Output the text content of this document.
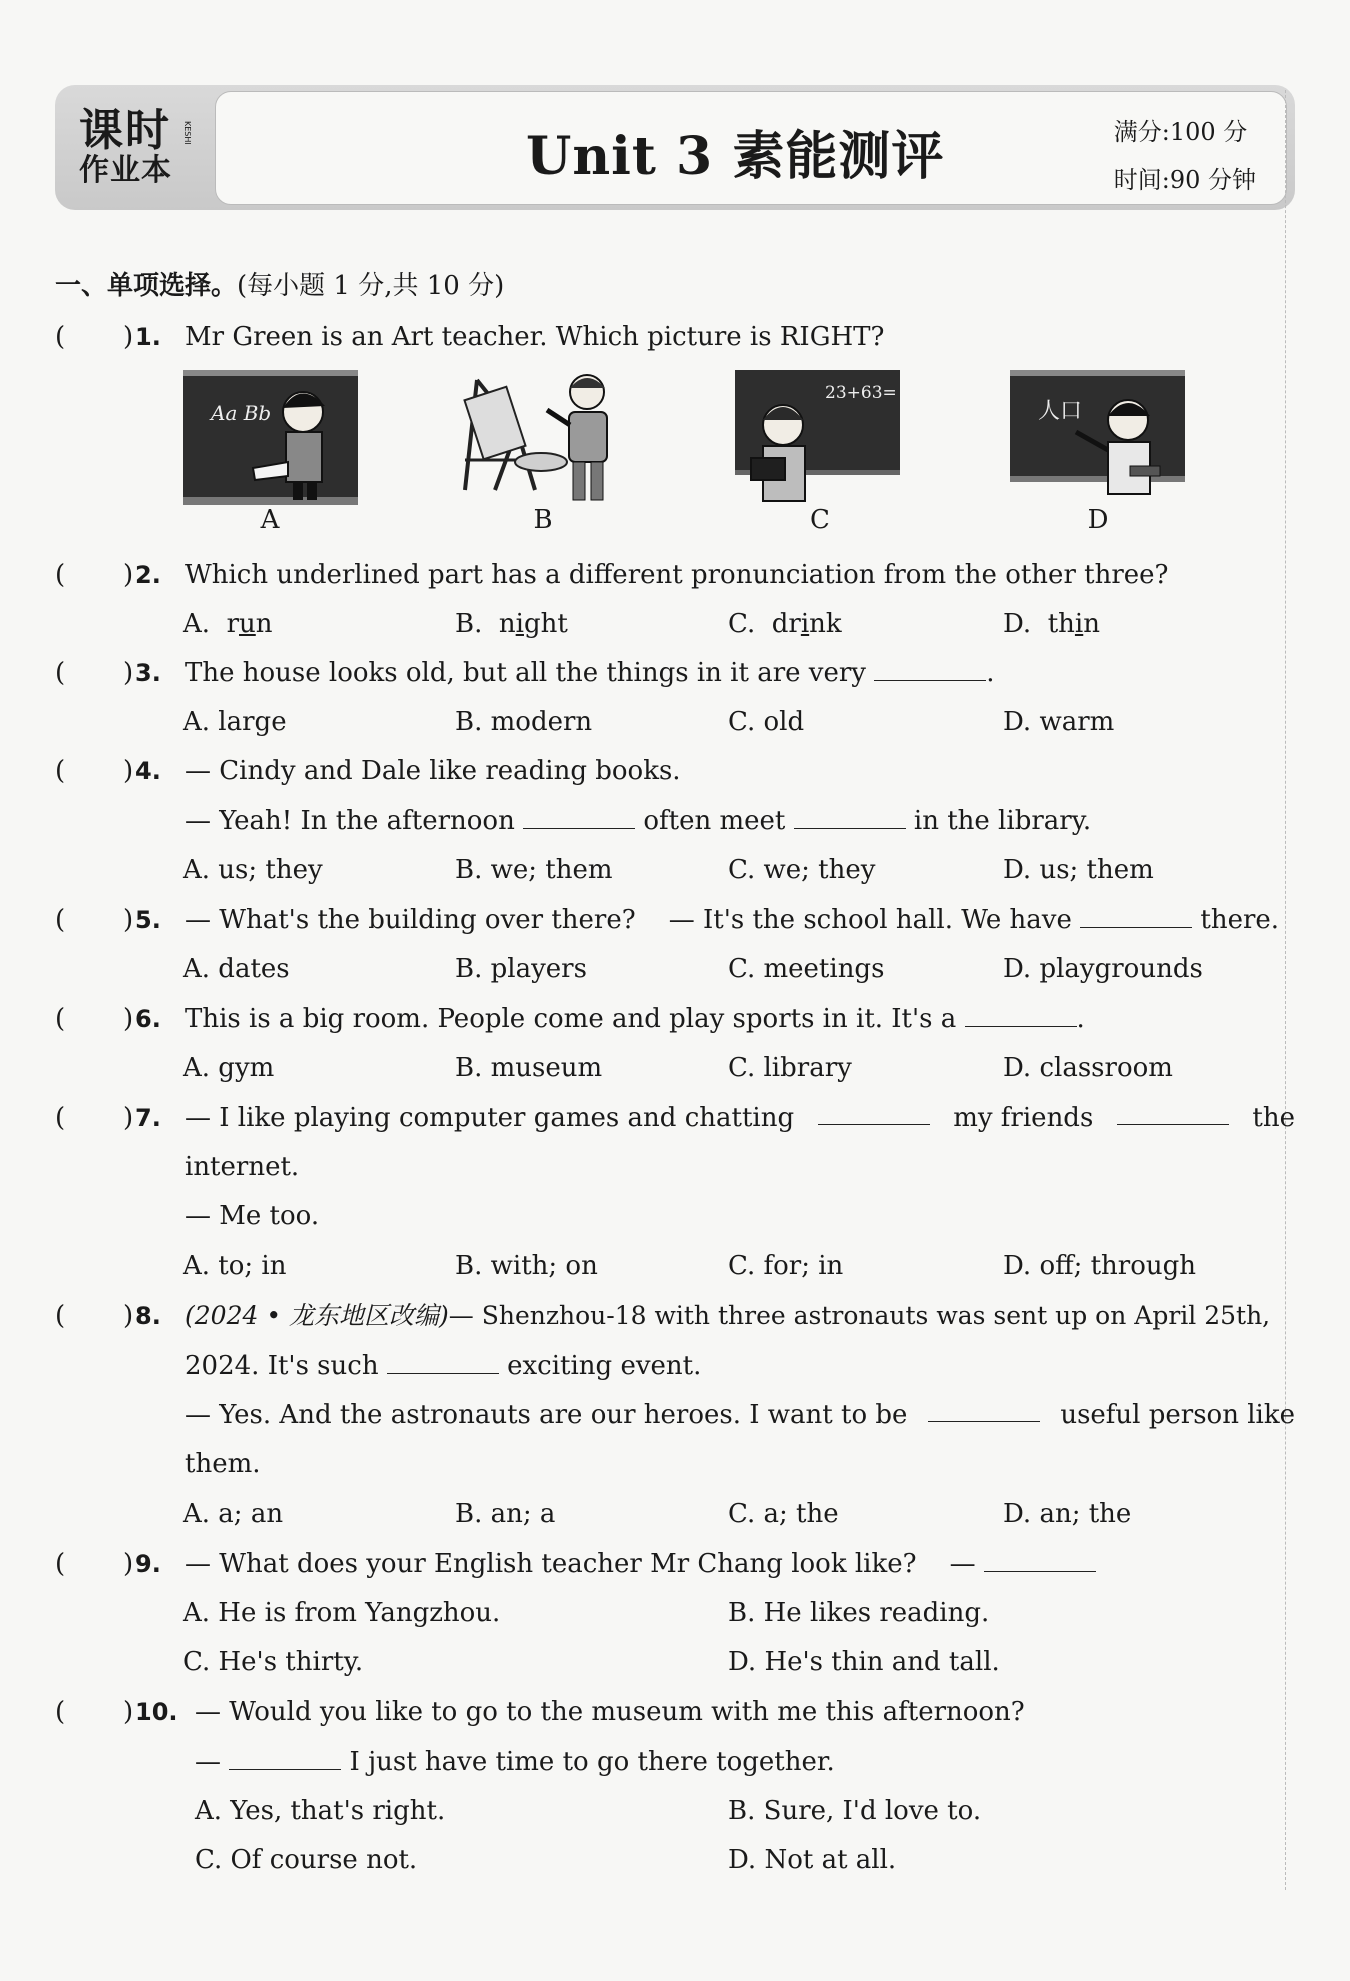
课时
作业本
KESHI	Unit 3 素能测评	满分:100 分
时间:90 分钟
一、单项选择。(每小题 1 分,共 10 分)
( ) 1. Mr Green is an Art teacher. Which picture is RIGHT?
Aa Bb
A	B
23+63=
C
人口
D
( ) 2. Which underlined part has a different pronunciation from the other three?
A. run	B. night	C. drink	D. thin
( ) 3. The house looks old, but all the things in it are very	.
A. large	B. modern	C. old	D. warm
( ) 4. — Cindy and Dale like reading books.
— Yeah! In the afternoon	often meet	in the library.
A. us; they	B. we; them	C. we; they	D. us; them
( ) 5. — What's the building over there? — It's the school hall. We have	there.
A. dates	B. players	C. meetings	D. playgrounds
( ) 6. This is a big room. People come and play sports in it. It's a	.
A. gym	B. museum	C. library	D. classroom
( ) 7. — I like playing computer games and chatting	my friends	the
internet.
— Me too.
A. to; in	B. with; on	C. for; in	D. off; through
( ) 8. (2024 • 龙东地区改编)— Shenzhou-18 with three astronauts was sent up on April 25th,
2024. It's such	exciting event.
— Yes. And the astronauts are our heroes. I want to be	useful person like
them.
A. a; an	B. an; a	C. a; the	D. an; the
( ) 9. — What does your English teacher Mr Chang look like? —
A. He is from Yangzhou.	B. He likes reading.
C. He's thirty.	D. He's thin and tall.
( ) 10. — Would you like to go to the museum with me this afternoon?
—	I just have time to go there together.
A. Yes, that's right.	B. Sure, I'd love to.
C. Of course not.	D. Not at all.
